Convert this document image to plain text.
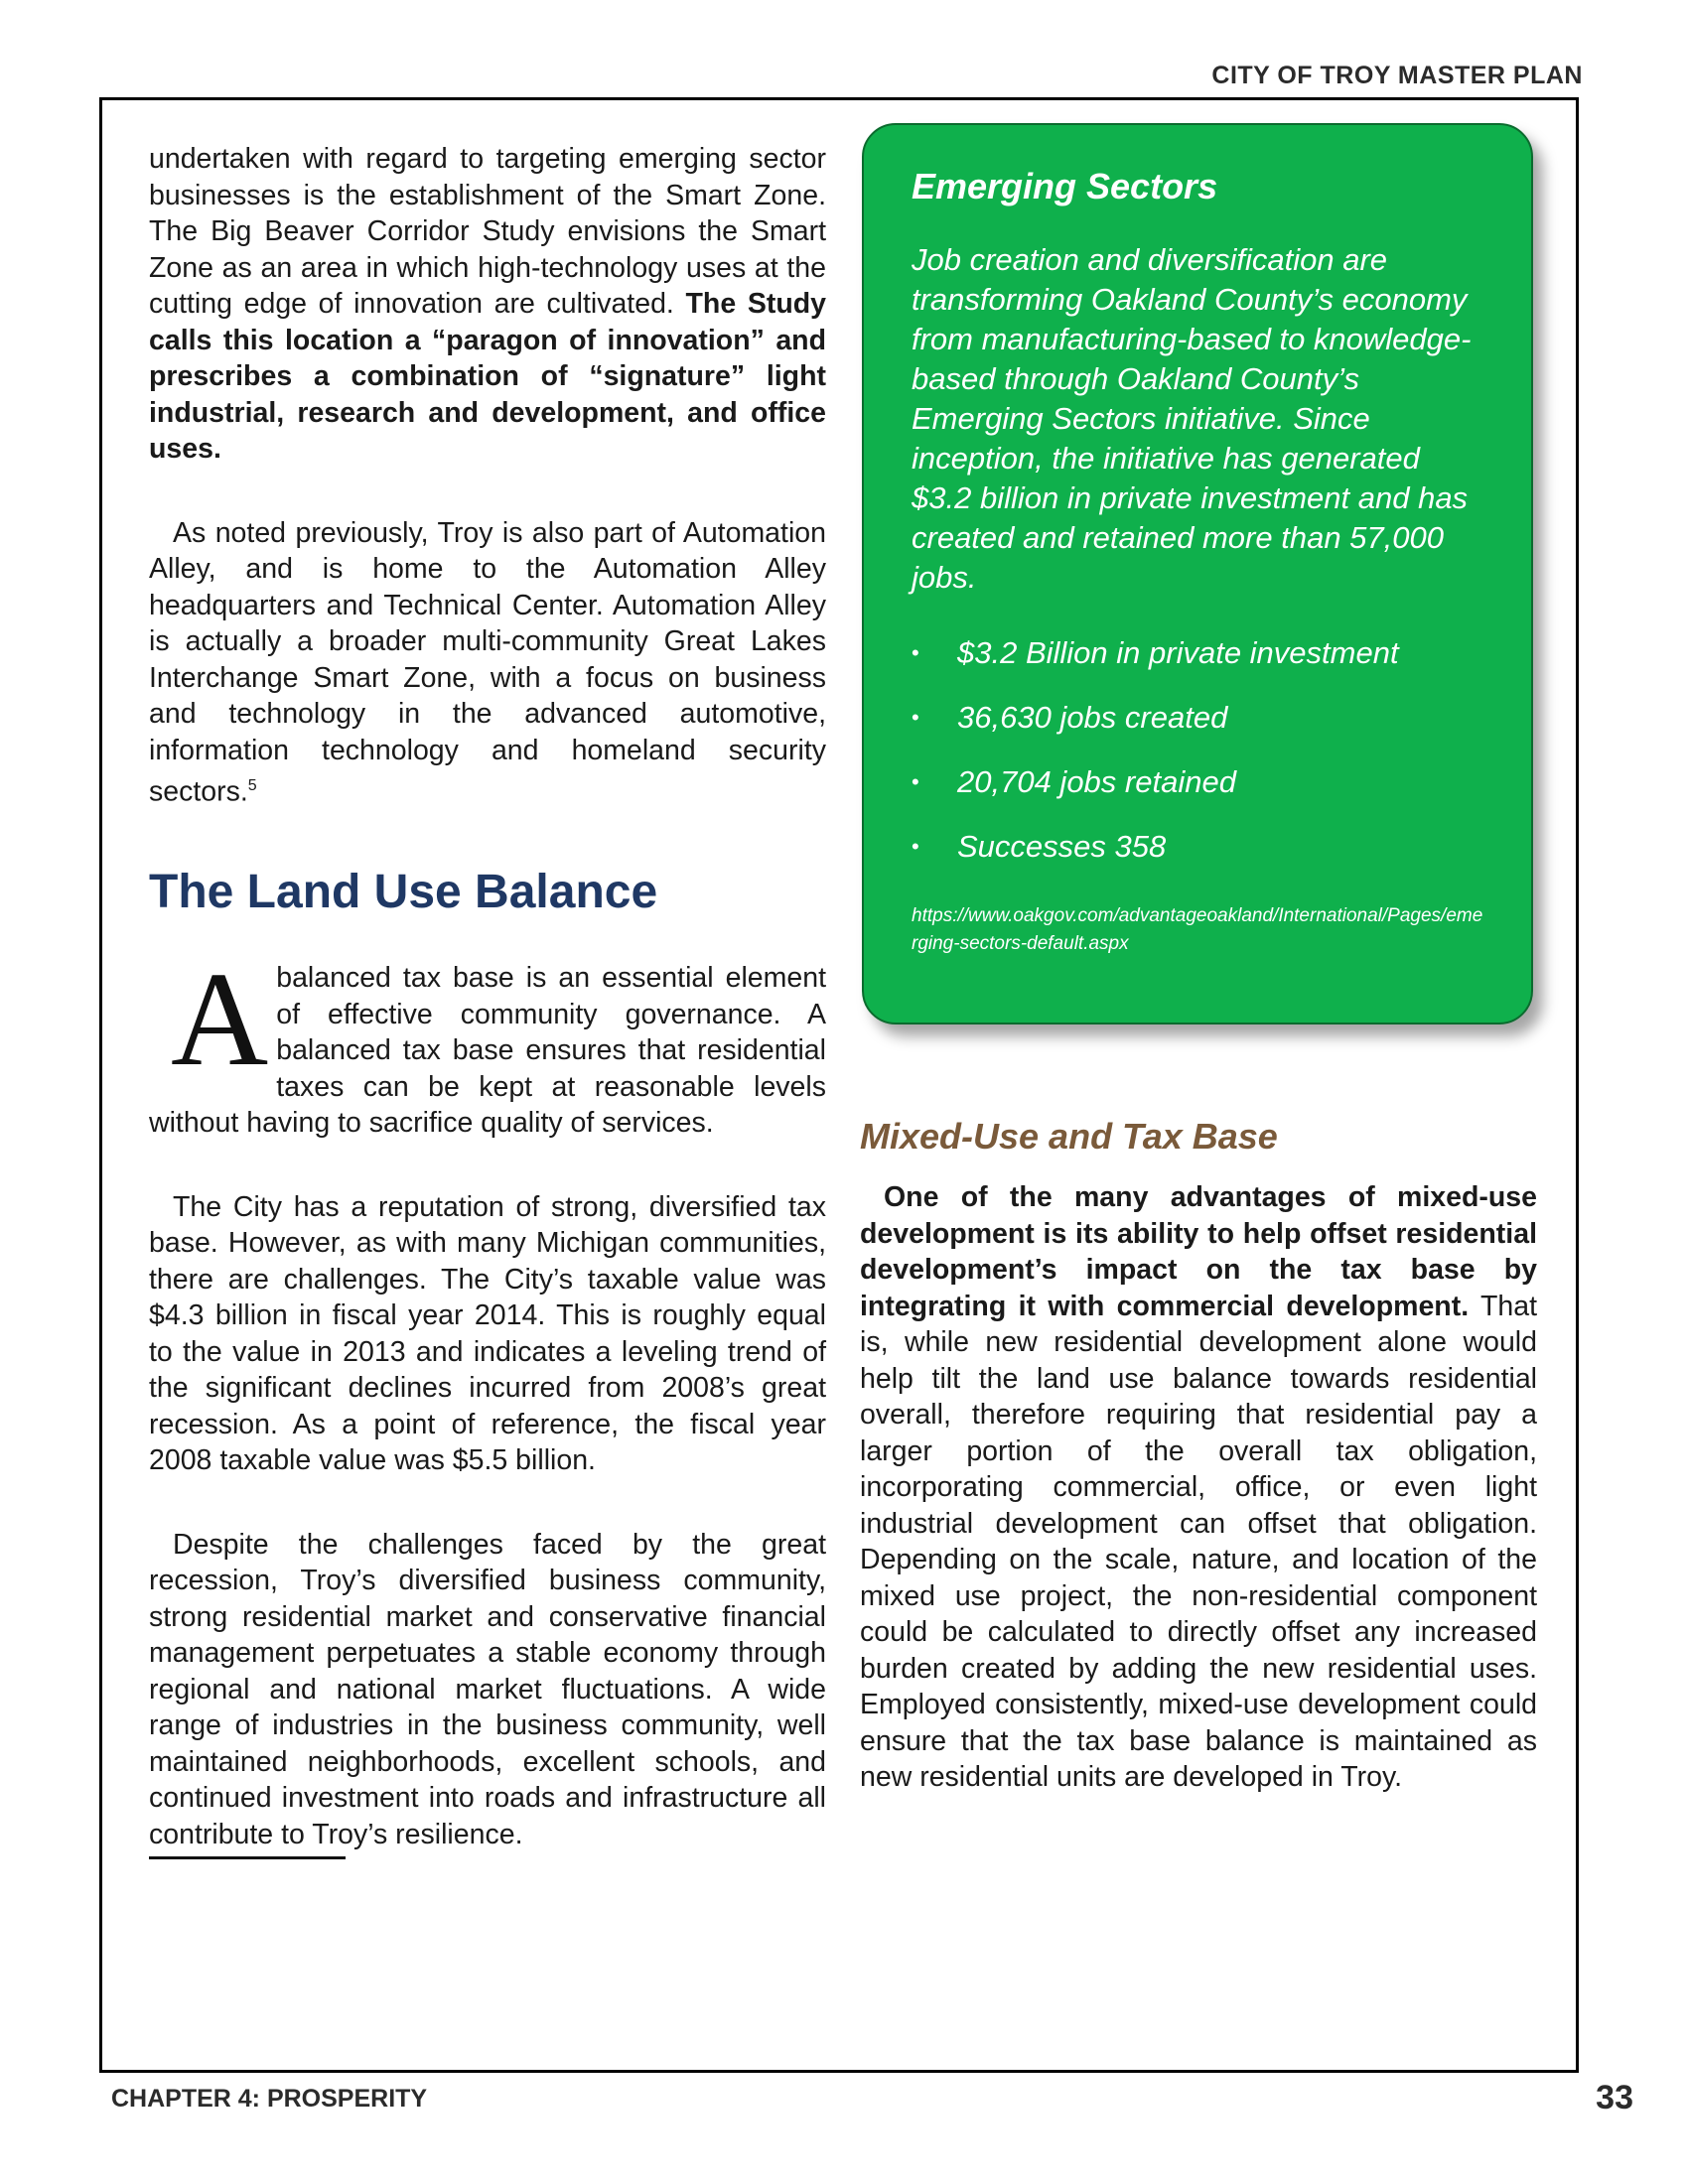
CITY OF TROY MASTER PLAN

undertaken with regard to targeting emerging sector businesses is the establishment of the Smart Zone. The Big Beaver Corridor Study envisions the Smart Zone as an area in which high-technology uses at the cutting edge of innovation are cultivated. The Study calls this location a “paragon of innovation” and prescribes a combination of “signature” light industrial, research and development, and office uses.

As noted previously, Troy is also part of Automation Alley, and is home to the Automation Alley headquarters and Technical Center. Automation Alley is actually a broader multi-community Great Lakes Interchange Smart Zone, with a focus on business and technology in the advanced automotive, information technology and homeland security sectors.$^5$

The Land Use Balance

Abalanced tax base is an essential element of effective community governance. A balanced tax base ensures that residential taxes can be kept at reasonable levels without having to sacrifice quality of services.

The City has a reputation of strong, diversified tax base. However, as with many Michigan communities, there are challenges. The City’s taxable value was $4.3 billion in fiscal year 2014. This is roughly equal to the value in 2013 and indicates a leveling trend of the significant declines incurred from 2008’s great recession. As a point of reference, the fiscal year 2008 taxable value was $5.5 billion.

Despite the challenges faced by the great recession, Troy’s diversified business community, strong residential market and conservative financial management perpetuates a stable economy through regional and national market fluctuations. A wide range of industries in the business community, well maintained neighborhoods, excellent schools, and continued investment into roads and infrastructure all contribute to Troy’s resilience.

Emerging Sectors

Job creation and diversification are transforming Oakland County’s economy from manufacturing-based to knowledge-based through Oakland County’s Emerging Sectors initiative. Since inception, the initiative has generated $3.2 billion in private investment and has created and retained more than 57,000 jobs.

• $3.2 Billion in private investment
• 36,630 jobs created
• 20,704 jobs retained
• Successes 358
https://www.oakgov.com/advantageoakland/International/Pages/emerging-sectors-default.aspx
Mixed-Use and Tax Base

One of the many advantages of mixed-use development is its ability to help offset residential development’s impact on the tax base by integrating it with commercial development. That is, while new residential development alone would help tilt the land use balance towards residential overall, therefore requiring that residential pay a larger portion of the overall tax obligation, incorporating commercial, office, or even light industrial development can offset that obligation. Depending on the scale, nature, and location of the mixed use project, the non-residential component could be calculated to directly offset any increased burden created by adding the new residential uses. Employed consistently, mixed-use development could ensure that the tax base balance is maintained as new residential units are developed in Troy.

CHAPTER 4: PROSPERITY	33
